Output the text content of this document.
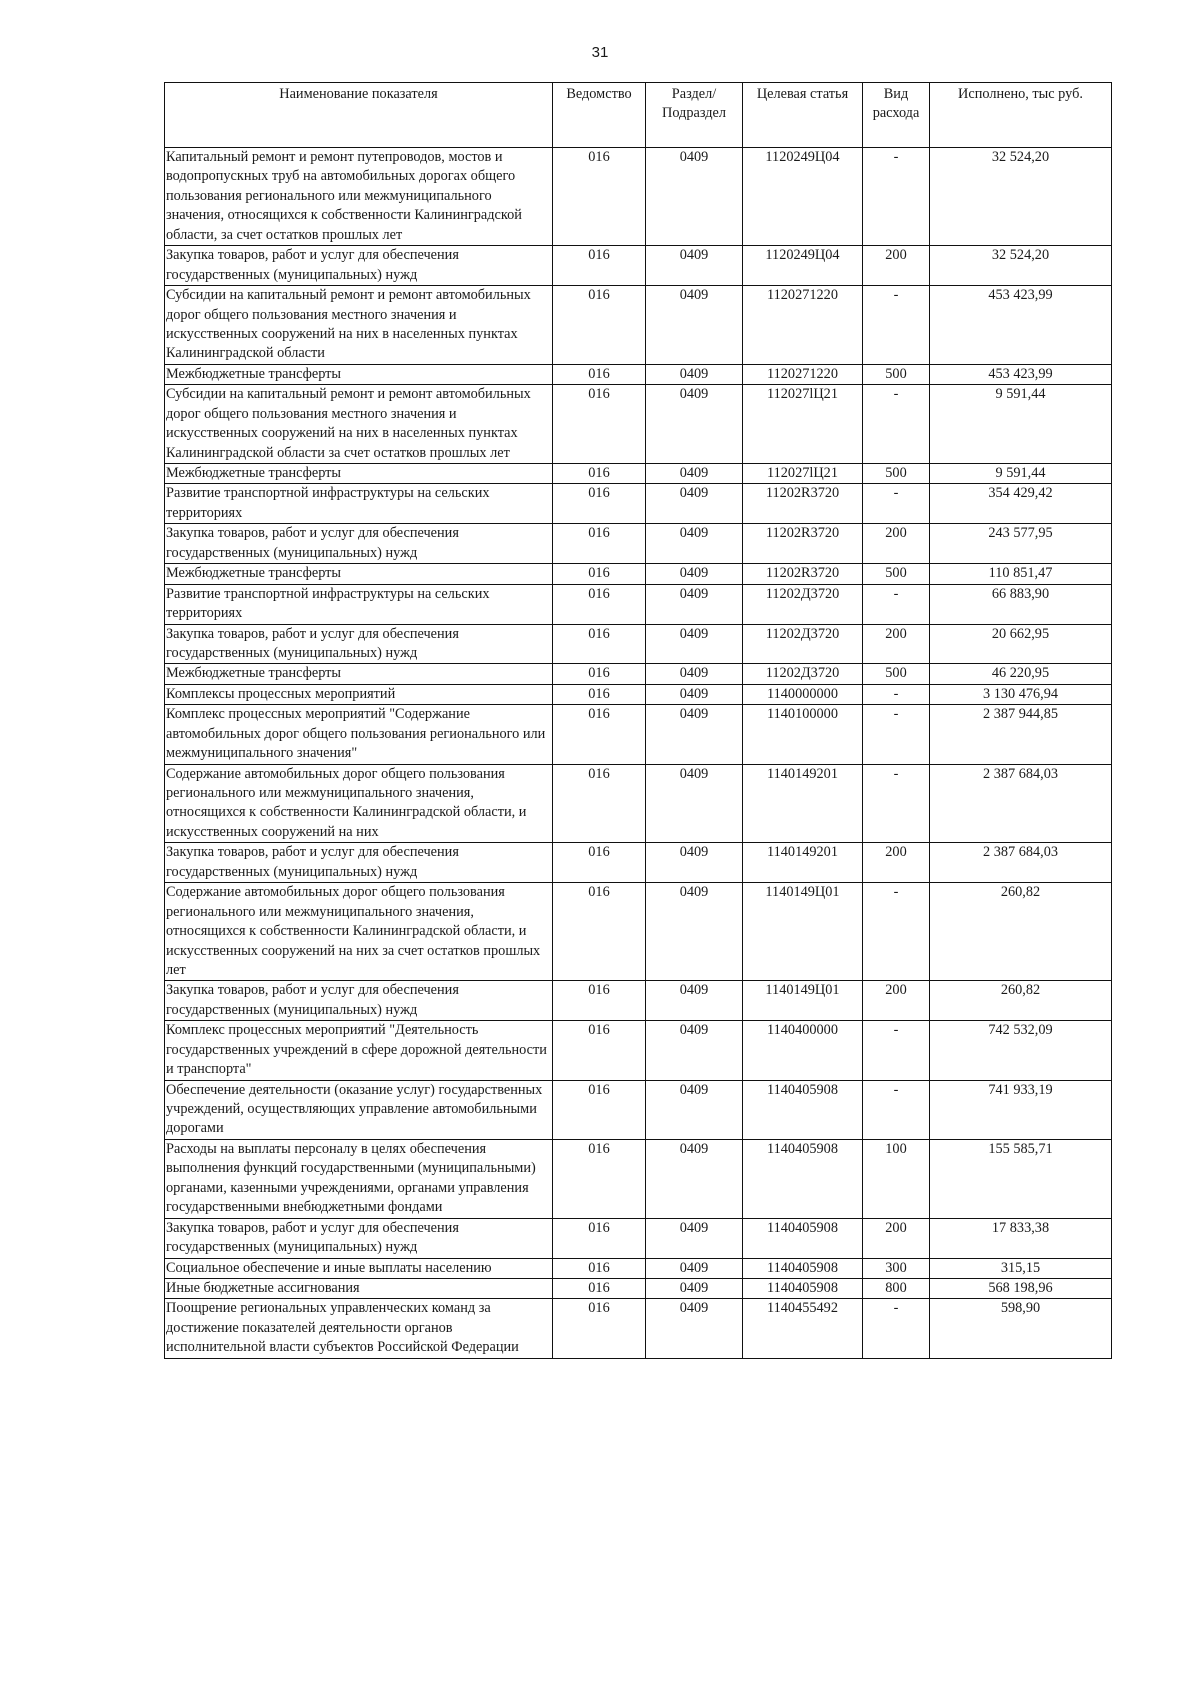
31
Наименование показателя	Ведомство	Раздел/ Подраздел	Целевая статья	Вид расхода	Исполнено, тыс руб.
Капитальный ремонт и ремонт путепроводов, мостов и водопропускных труб на автомобильных дорогах общего пользования регионального или межмуниципального значения, относящихся к собственности Калининградской области, за счет остатков прошлых лет	016	0409	1120249Ц04	-	32 524,20
Закупка товаров, работ и услуг для обеспечения государственных (муниципальных) нужд	016	0409	1120249Ц04	200	32 524,20
Субсидии на капитальный ремонт и ремонт автомобильных дорог общего пользования местного значения и искусственных сооружений на них в населенных пунктах Калининградской области	016	0409	1120271220	-	453 423,99
Межбюджетные трансферты	016	0409	1120271220	500	453 423,99
Субсидии на капитальный ремонт и ремонт автомобильных дорог общего пользования местного значения и искусственных сооружений на них в населенных пунктах Калининградской области за счет остатков прошлых лет	016	0409	112027lЦ21	-	9 591,44
Межбюджетные трансферты	016	0409	112027lЦ21	500	9 591,44
Развитие транспортной инфраструктуры на сельских территориях	016	0409	11202R3720	-	354 429,42
Закупка товаров, работ и услуг для обеспечения государственных (муниципальных) нужд	016	0409	11202R3720	200	243 577,95
Межбюджетные трансферты	016	0409	11202R3720	500	110 851,47
Развитие транспортной инфраструктуры на сельских территориях	016	0409	11202Д3720	-	66 883,90
Закупка товаров, работ и услуг для обеспечения государственных (муниципальных) нужд	016	0409	11202Д3720	200	20 662,95
Межбюджетные трансферты	016	0409	11202Д3720	500	46 220,95
Комплексы процессных мероприятий	016	0409	1140000000	-	3 130 476,94
Комплекс процессных мероприятий "Содержание автомобильных дорог общего пользования регионального или межмуниципального значения"	016	0409	1140100000	-	2 387 944,85
Содержание автомобильных дорог общего пользования регионального или межмуниципального значения, относящихся к собственности Калининградской области, и искусственных сооружений на них	016	0409	1140149201	-	2 387 684,03
Закупка товаров, работ и услуг для обеспечения государственных (муниципальных) нужд	016	0409	1140149201	200	2 387 684,03
Содержание автомобильных дорог общего пользования регионального или межмуниципального значения, относящихся к собственности Калининградской области, и искусственных сооружений на них за счет остатков прошлых лет	016	0409	1140149Ц01	-	260,82
Закупка товаров, работ и услуг для обеспечения государственных (муниципальных) нужд	016	0409	1140149Ц01	200	260,82
Комплекс процессных мероприятий "Деятельность государственных учреждений в сфере дорожной деятельности и транспорта"	016	0409	1140400000	-	742 532,09
Обеспечение деятельности (оказание услуг) государственных учреждений, осуществляющих управление автомобильными дорогами	016	0409	1140405908	-	741 933,19
Расходы на выплаты персоналу в целях обеспечения выполнения функций государственными (муниципальными) органами, казенными учреждениями, органами управления государственными внебюджетными фондами	016	0409	1140405908	100	155 585,71
Закупка товаров, работ и услуг для обеспечения государственных (муниципальных) нужд	016	0409	1140405908	200	17 833,38
Социальное обеспечение и иные выплаты населению	016	0409	1140405908	300	315,15
Иные бюджетные ассигнования	016	0409	1140405908	800	568 198,96
Поощрение региональных управленческих команд за достижение показателей деятельности органов исполнительной власти субъектов Российской Федерации	016	0409	1140455492	-	598,90
